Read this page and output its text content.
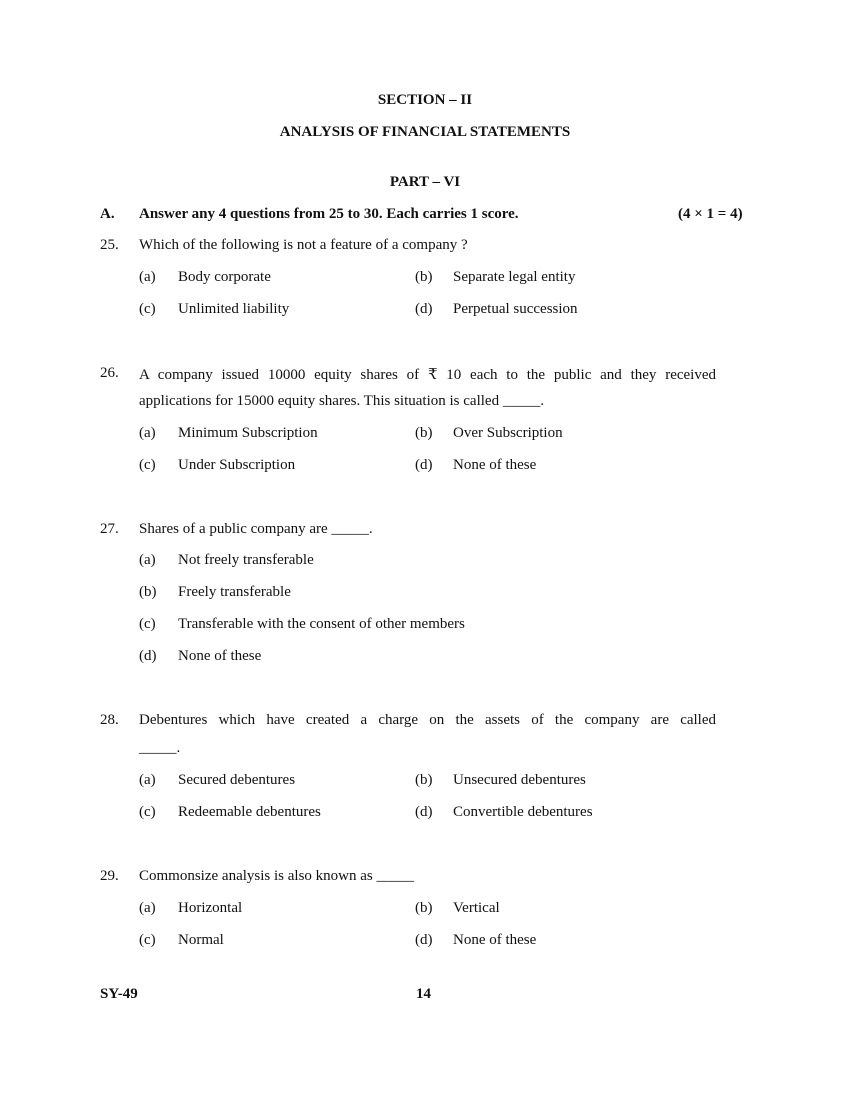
SECTION – II
ANALYSIS OF FINANCIAL STATEMENTS
PART – VI
A. Answer any 4 questions from 25 to 30. Each carries 1 score.	(4 × 1 = 4)
25. Which of the following is not a feature of a company ?
(a) Body corporate	(b) Separate legal entity
(c) Unlimited liability	(d) Perpetual succession
26. A company issued 10000 equity shares of ₹ 10 each to the public and they received
applications for 15000 equity shares. This situation is called _____.
(a) Minimum Subscription	(b) Over Subscription
(c) Under Subscription	(d) None of these
27. Shares of a public company are _____.
(a) Not freely transferable
(b) Freely transferable
(c) Transferable with the consent of other members
(d) None of these
28. Debentures which have created a charge on the assets of the company are called
_____.
(a) Secured debentures	(b) Unsecured debentures
(c) Redeemable debentures	(d) Convertible debentures
29. Commonsize analysis is also known as _____
(a) Horizontal	(b) Vertical
(c) Normal	(d) None of these
SY-49	14
